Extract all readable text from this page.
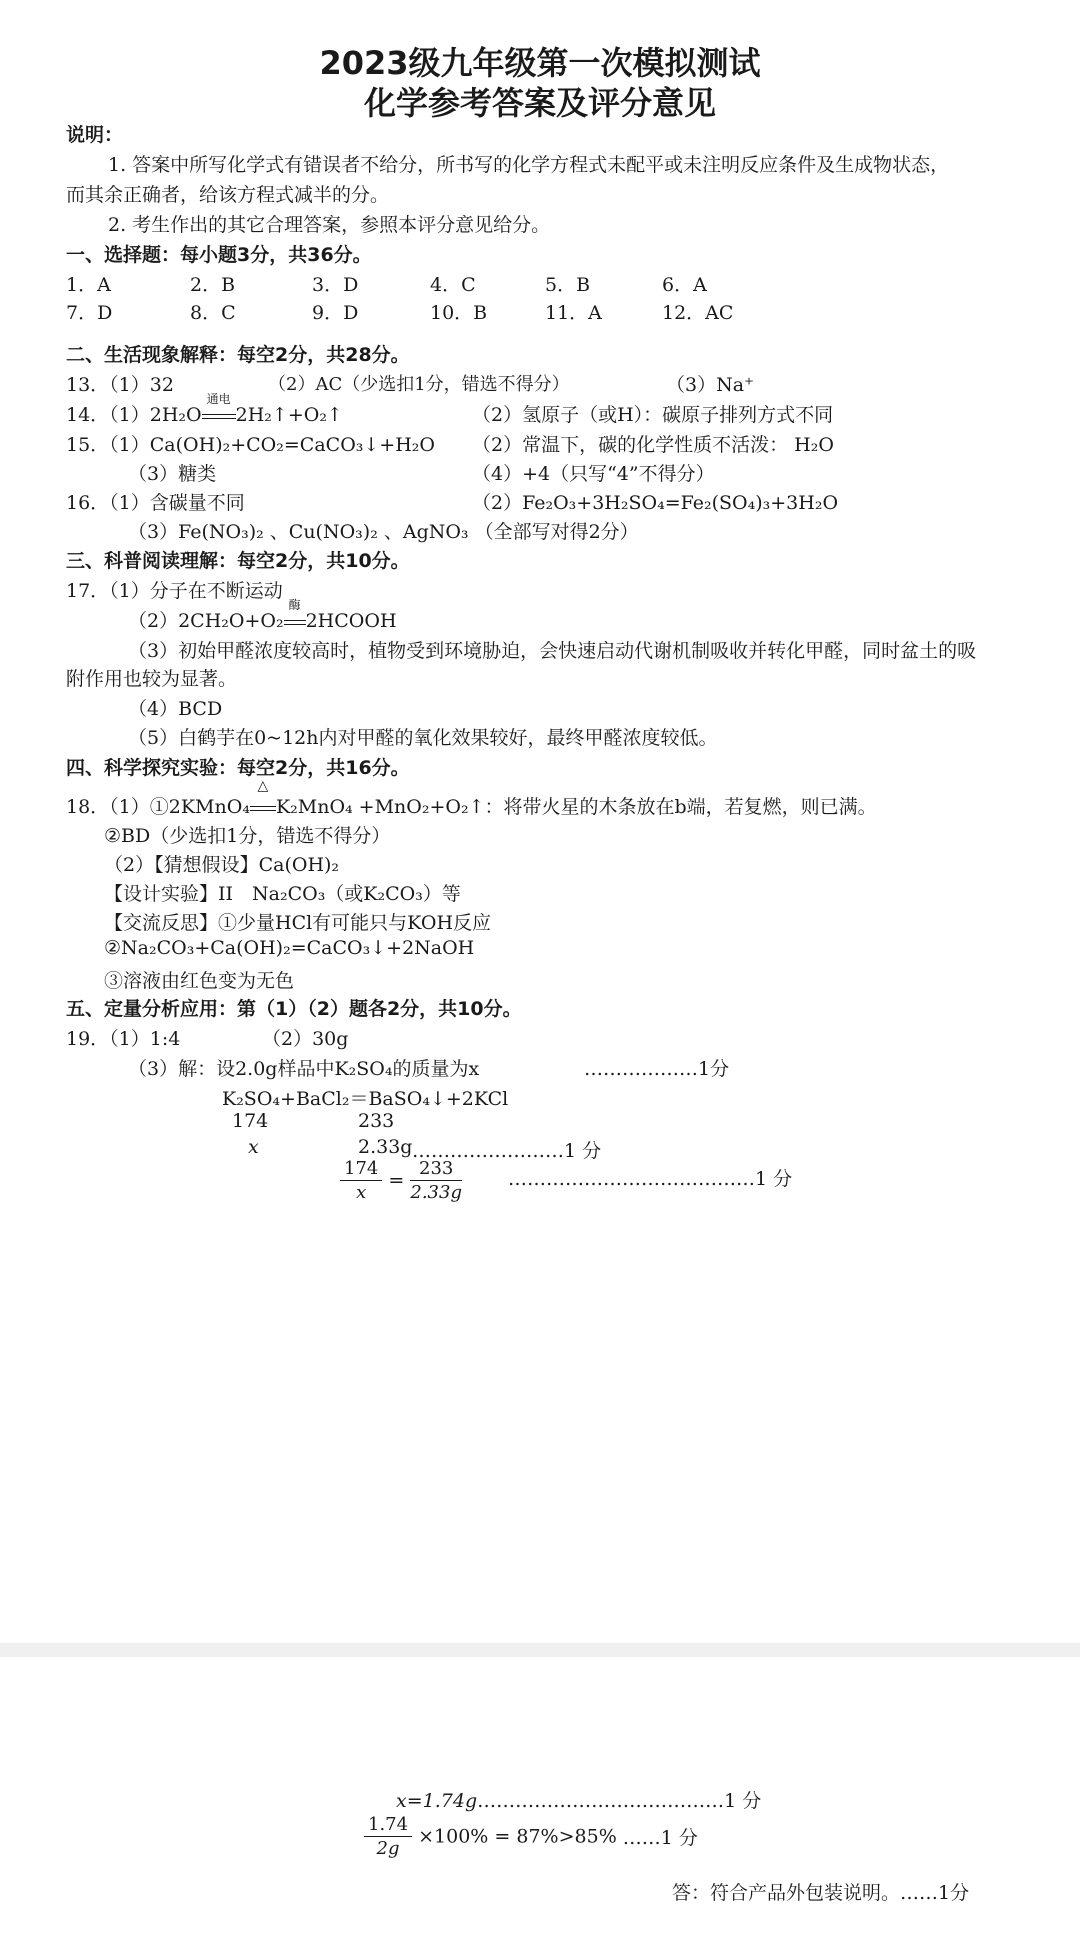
2023级九年级第一次模拟测试
化学参考答案及评分意见
说明：
1. 答案中所写化学式有错误者不给分，所书写的化学方程式未配平或未注明反应条件及生成物状态，
而其余正确者，给该方程式减半的分。
2. 考生作出的其它合理答案，参照本评分意见给分。
一、选择题：每小题3分，共36分。
1．A	2．B	3．D	4．C	5．B	6．A
7．D	8．C	9．D	10．B	11．A	12．AC
二、生活现象解释：每空2分，共28分。
13．（1）32	（2）AC（少选扣1分，错选不得分）	（3）Na⁺
14．（1）2H₂O
通电
2H₂↑+O₂↑	（2）氢原子（或H）：碳原子排列方式不同
15．（1）Ca(OH)₂+CO₂=CaCO₃↓+H₂O （2）常温下，碳的化学性质不活泼： H₂O
（3）糖类	（4）+4（只写“4”不得分）
16．（1）含碳量不同	（2）Fe₂O₃+3H₂SO₄=Fe₂(SO₄)₃+3H₂O
（3）Fe(NO₃)₂ 、Cu(NO₃)₂ 、AgNO₃ （全部写对得2分）
三、科普阅读理解：每空2分，共10分。
17．（1）分子在不断运动
（2）2CH₂O+O₂
酶
2HCOOH
（3）初始甲醛浓度较高时，植物受到环境胁迫，会快速启动代谢机制吸收并转化甲醛，同时盆土的吸
附作用也较为显著。
（4）BCD
（5）白鹤芋在0~12h内对甲醛的氧化效果较好，最终甲醛浓度较低。
四、科学探究实验：每空2分，共16分。
18．（1）①2KMnO₄
△
K₂MnO₄ +MnO₂+O₂↑：将带火星的木条放在b端，若复燃，则已满。
②BD（少选扣1分，错选不得分）
（2）【猜想假设】Ca(OH)₂
【设计实验】II　Na₂CO₃（或K₂CO₃）等
【交流反思】①少量HCl有可能只与KOH反应
②Na₂CO₃+Ca(OH)₂=CaCO₃↓+2NaOH
③溶液由红色变为无色
五、定量分析应用：第（1）（2）题各2分，共10分。
19．（1）1:4	（2）30g
（3）解：设2.0g样品中K₂SO₄的质量为x	………………1分
K₂SO₄+BaCl₂＝BaSO₄↓+2KCl
174	233
x	2.33g ……………………1 分
$\frac{174}{x} = \frac{233}{2.33g}$ …………………………………1 分
x=1.74g…………………………………1 分
$\frac{1.74}{2g} \times 100\% = 87\%>85\%$ ……1 分
答：符合产品外包装说明。……1分
